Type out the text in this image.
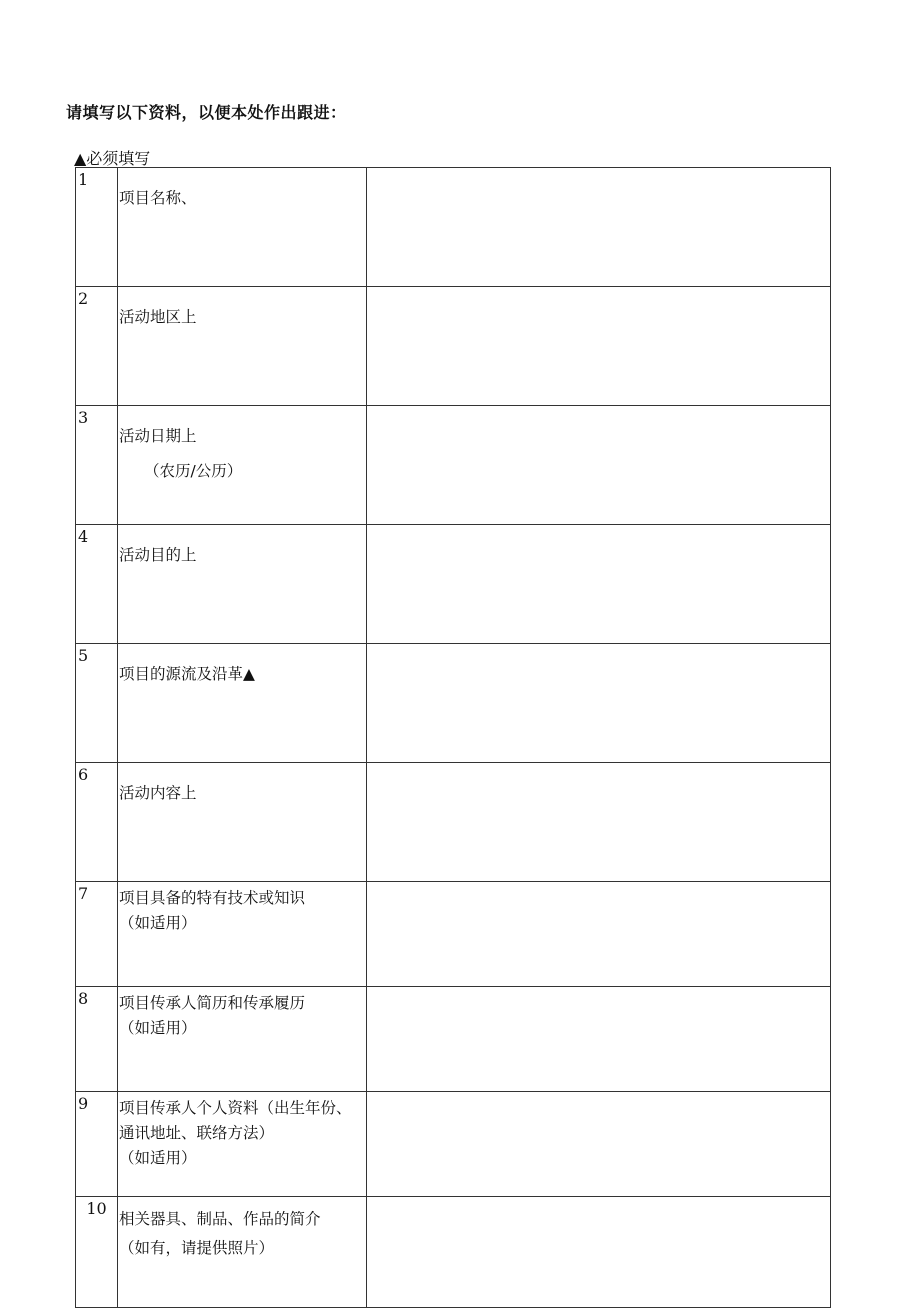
请填写以下资料，以便本处作出跟进：
▲必须填写
1	项目名称、	

2	活动地区上	

3	活动日期上
（农历/公历）	

4	活动目的上	

5	项目的源流及沿革▲	

6	活动内容上	

7	项目具备的特有技术或知识
（如适用）	

8	项目传承人简历和传承履历
（如适用）	

9	项目传承人个人资料（出生年份、通讯地址、联络方法）
（如适用）	

10	相关器具、制品、作品的简介
（如有，请提供照片）	
